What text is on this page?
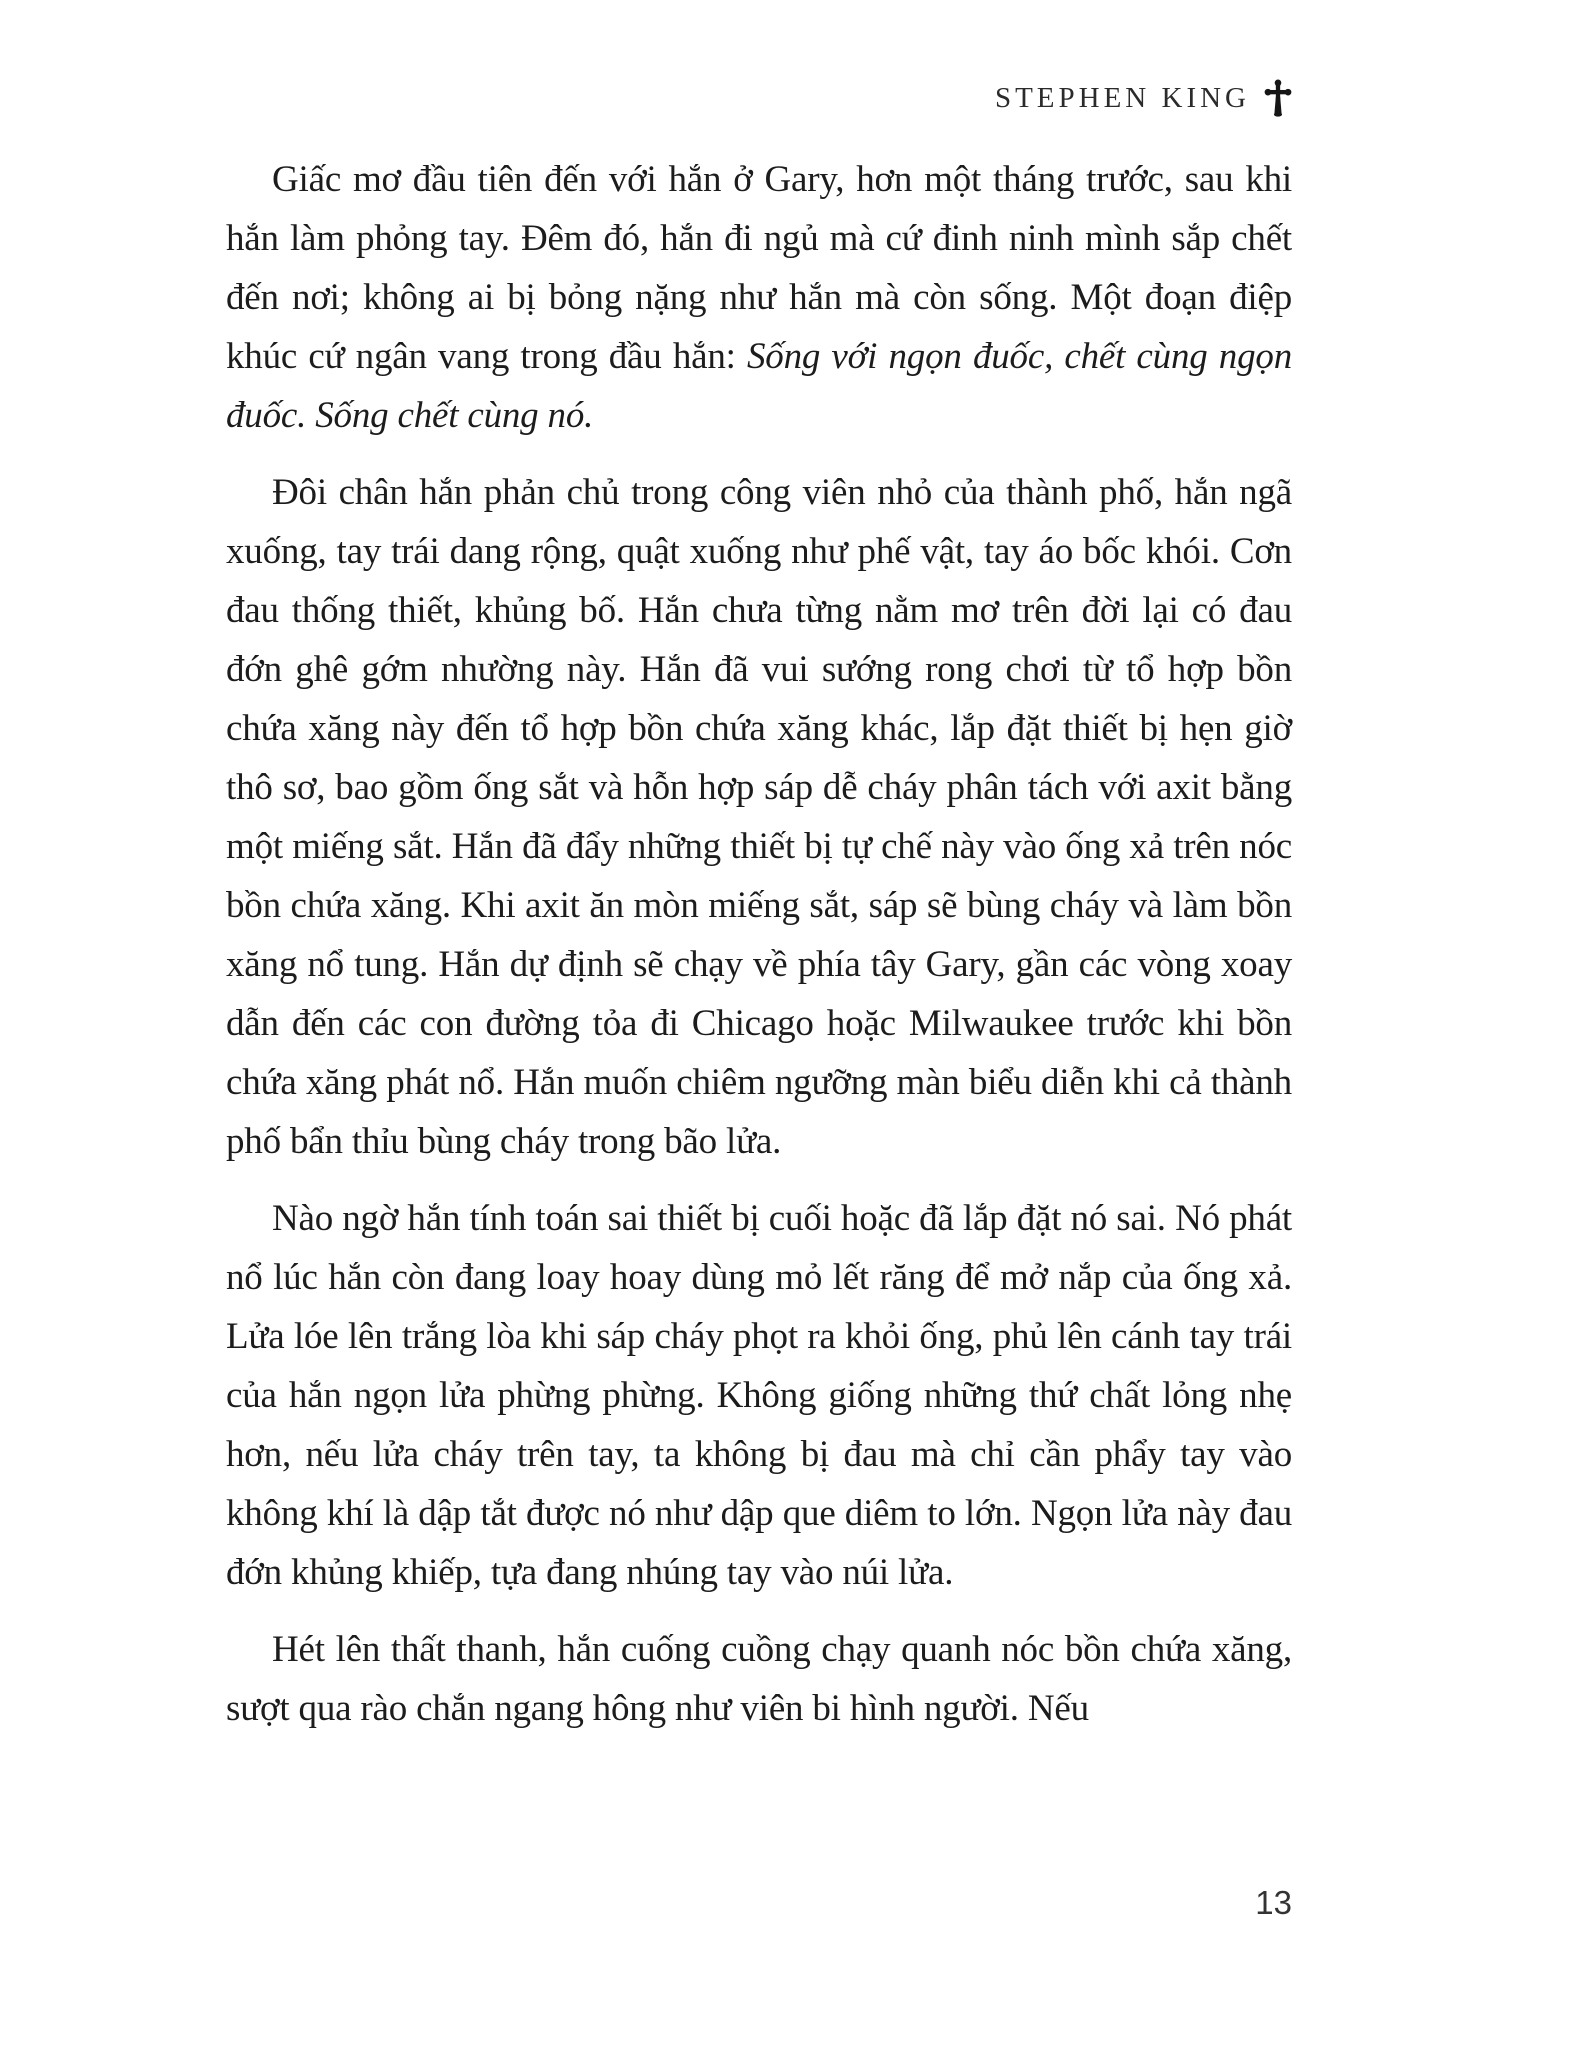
STEPHEN KING

Giấc mơ đầu tiên đến với hắn ở Gary, hơn một tháng trước, sau khi hắn làm phỏng tay. Đêm đó, hắn đi ngủ mà cứ đinh ninh mình sắp chết đến nơi; không ai bị bỏng nặng như hắn mà còn sống. Một đoạn điệp khúc cứ ngân vang trong đầu hắn: Sống với ngọn đuốc, chết cùng ngọn đuốc. Sống chết cùng nó.

Đôi chân hắn phản chủ trong công viên nhỏ của thành phố, hắn ngã xuống, tay trái dang rộng, quật xuống như phế vật, tay áo bốc khói. Cơn đau thống thiết, khủng bố. Hắn chưa từng nằm mơ trên đời lại có đau đớn ghê gớm nhường này. Hắn đã vui sướng rong chơi từ tổ hợp bồn chứa xăng này đến tổ hợp bồn chứa xăng khác, lắp đặt thiết bị hẹn giờ thô sơ, bao gồm ống sắt và hỗn hợp sáp dễ cháy phân tách với axit bằng một miếng sắt. Hắn đã đẩy những thiết bị tự chế này vào ống xả trên nóc bồn chứa xăng. Khi axit ăn mòn miếng sắt, sáp sẽ bùng cháy và làm bồn xăng nổ tung. Hắn dự định sẽ chạy về phía tây Gary, gần các vòng xoay dẫn đến các con đường tỏa đi Chicago hoặc Milwaukee trước khi bồn chứa xăng phát nổ. Hắn muốn chiêm ngưỡng màn biểu diễn khi cả thành phố bẩn thỉu bùng cháy trong bão lửa.

Nào ngờ hắn tính toán sai thiết bị cuối hoặc đã lắp đặt nó sai. Nó phát nổ lúc hắn còn đang loay hoay dùng mỏ lết răng để mở nắp của ống xả. Lửa lóe lên trắng lòa khi sáp cháy phọt ra khỏi ống, phủ lên cánh tay trái của hắn ngọn lửa phừng phừng. Không giống những thứ chất lỏng nhẹ hơn, nếu lửa cháy trên tay, ta không bị đau mà chỉ cần phẩy tay vào không khí là dập tắt được nó như dập que diêm to lớn. Ngọn lửa này đau đớn khủng khiếp, tựa đang nhúng tay vào núi lửa.

Hét lên thất thanh, hắn cuống cuồng chạy quanh nóc bồn chứa xăng, sượt qua rào chắn ngang hông như viên bi hình người. Nếu

13
